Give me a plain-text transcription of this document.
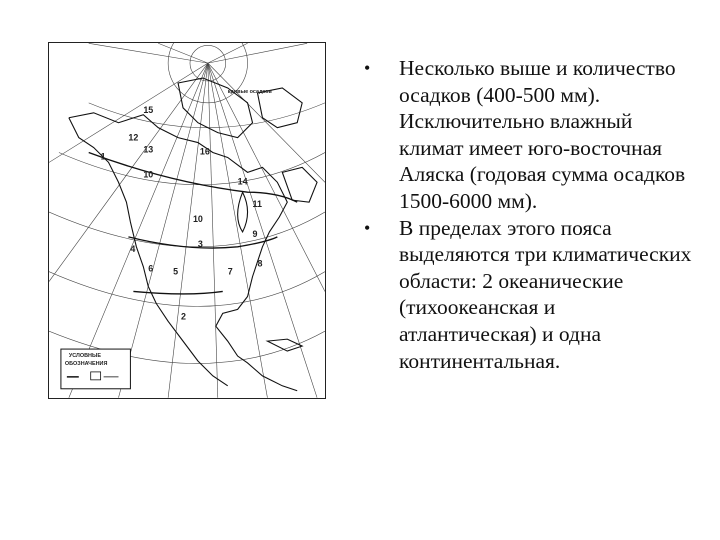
15
12
13
1	16
10
14
11
10
9
3
4
5
6	7
8
2
кривые осадков
УСЛОВНЫЕ
ОБОЗНАЧЕНИЯ
• Несколько выше и количество осадков (400-500 мм). Исключительно влажный климат имеет юго-восточная Аляска (годовая сумма осадков 1500-6000 мм).
• В пределах этого пояса выделяются три климатических области: 2 океанические (тихоокеанская и атлантическая) и одна континентальная.
